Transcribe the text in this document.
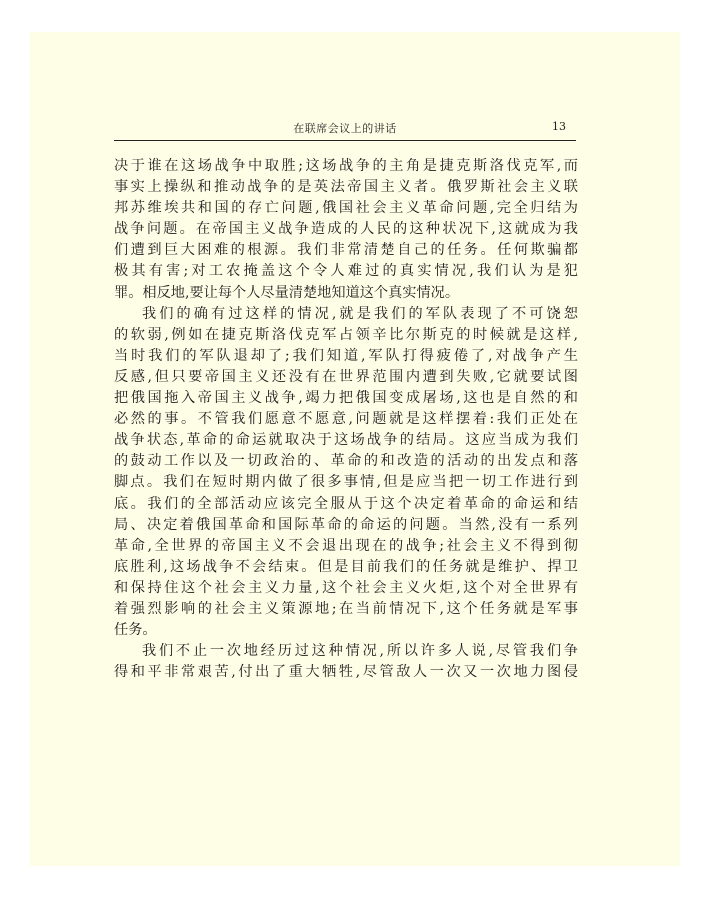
在联席会议上的讲话	13
决于谁在这场战争中取胜;这场战争的主角是捷克斯洛伐克军,而
事实上操纵和推动战争的是英法帝国主义者。俄罗斯社会主义联
邦苏维埃共和国的存亡问题,俄国社会主义革命问题,完全归结为
战争问题。在帝国主义战争造成的人民的这种状况下,这就成为我
们遭到巨大困难的根源。我们非常清楚自己的任务。任何欺骗都
极其有害;对工农掩盖这个令人难过的真实情况,我们认为是犯
罪。相反地,要让每个人尽量清楚地知道这个真实情况。
我们的确有过这样的情况,就是我们的军队表现了不可饶恕
的软弱,例如在捷克斯洛伐克军占领辛比尔斯克的时候就是这样,
当时我们的军队退却了;我们知道,军队打得疲倦了,对战争产生
反感,但只要帝国主义还没有在世界范围内遭到失败,它就要试图
把俄国拖入帝国主义战争,竭力把俄国变成屠场,这也是自然的和
必然的事。不管我们愿意不愿意,问题就是这样摆着:我们正处在
战争状态,革命的命运就取决于这场战争的结局。这应当成为我们
的鼓动工作以及一切政治的、革命的和改造的活动的出发点和落
脚点。我们在短时期内做了很多事情,但是应当把一切工作进行到
底。我们的全部活动应该完全服从于这个决定着革命的命运和结
局、决定着俄国革命和国际革命的命运的问题。当然,没有一系列
革命,全世界的帝国主义不会退出现在的战争;社会主义不得到彻
底胜利,这场战争不会结束。但是目前我们的任务就是维护、捍卫
和保持住这个社会主义力量,这个社会主义火炬,这个对全世界有
着强烈影响的社会主义策源地;在当前情况下,这个任务就是军事
任务。
我们不止一次地经历过这种情况,所以许多人说,尽管我们争
得和平非常艰苦,付出了重大牺牲,尽管敌人一次又一次地力图侵
